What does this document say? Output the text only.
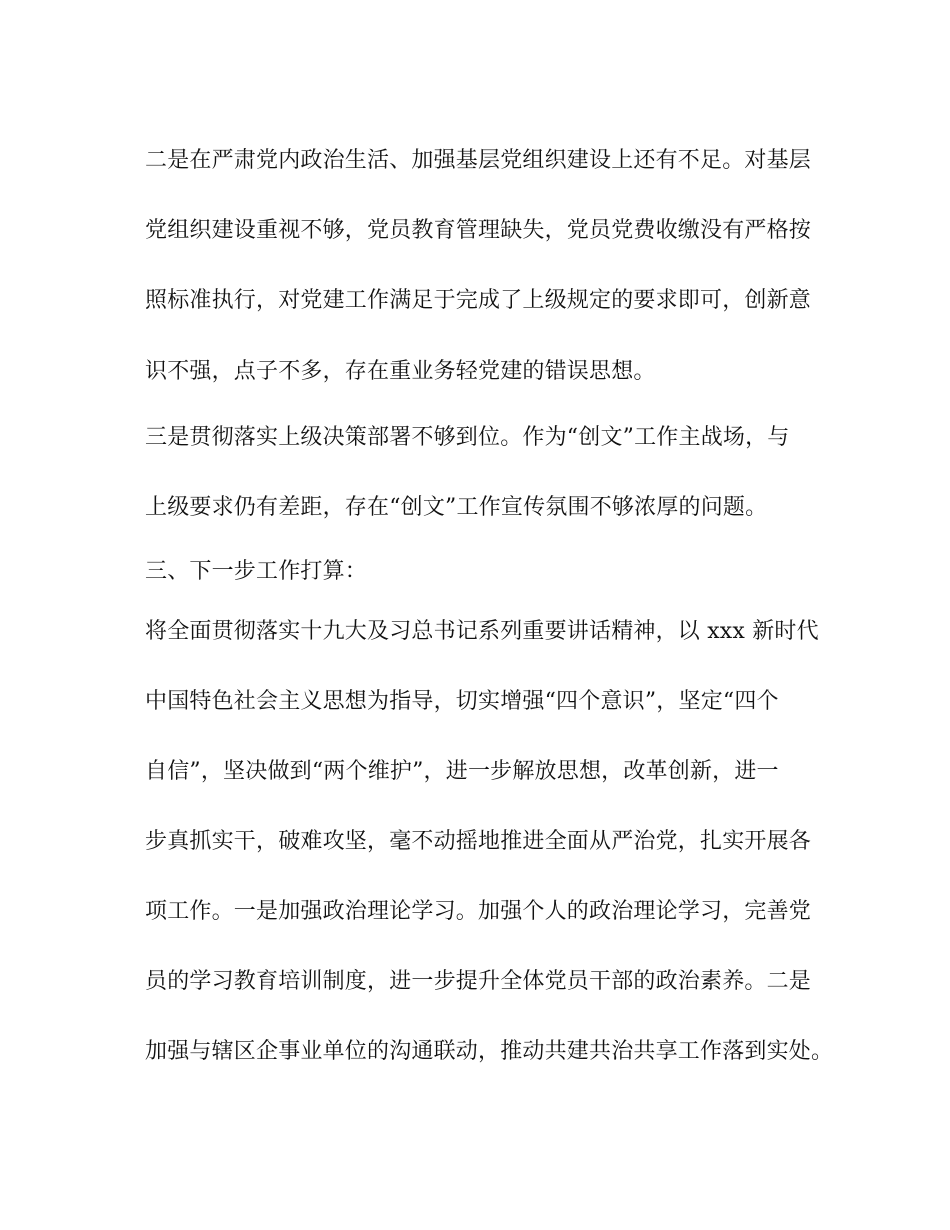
二是在严肃党内政治生活、加强基层党组织建设上还有不足。对基层
党组织建设重视不够，党员教育管理缺失，党员党费收缴没有严格按
照标准执行，对党建工作满足于完成了上级规定的要求即可，创新意
识不强，点子不多，存在重业务轻党建的错误思想。
三是贯彻落实上级决策部署不够到位。作为“创文”工作主战场，与
上级要求仍有差距，存在“创文”工作宣传氛围不够浓厚的问题。
三、下一步工作打算：
将全面贯彻落实十九大及习总书记系列重要讲话精神，以 xxx 新时代
中国特色社会主义思想为指导，切实增强“四个意识”，坚定“四个
自信”，坚决做到“两个维护”，进一步解放思想，改革创新，进一
步真抓实干，破难攻坚，毫不动摇地推进全面从严治党，扎实开展各
项工作。一是加强政治理论学习。加强个人的政治理论学习，完善党
员的学习教育培训制度，进一步提升全体党员干部的政治素养。二是
加强与辖区企事业单位的沟通联动，推动共建共治共享工作落到实处。
